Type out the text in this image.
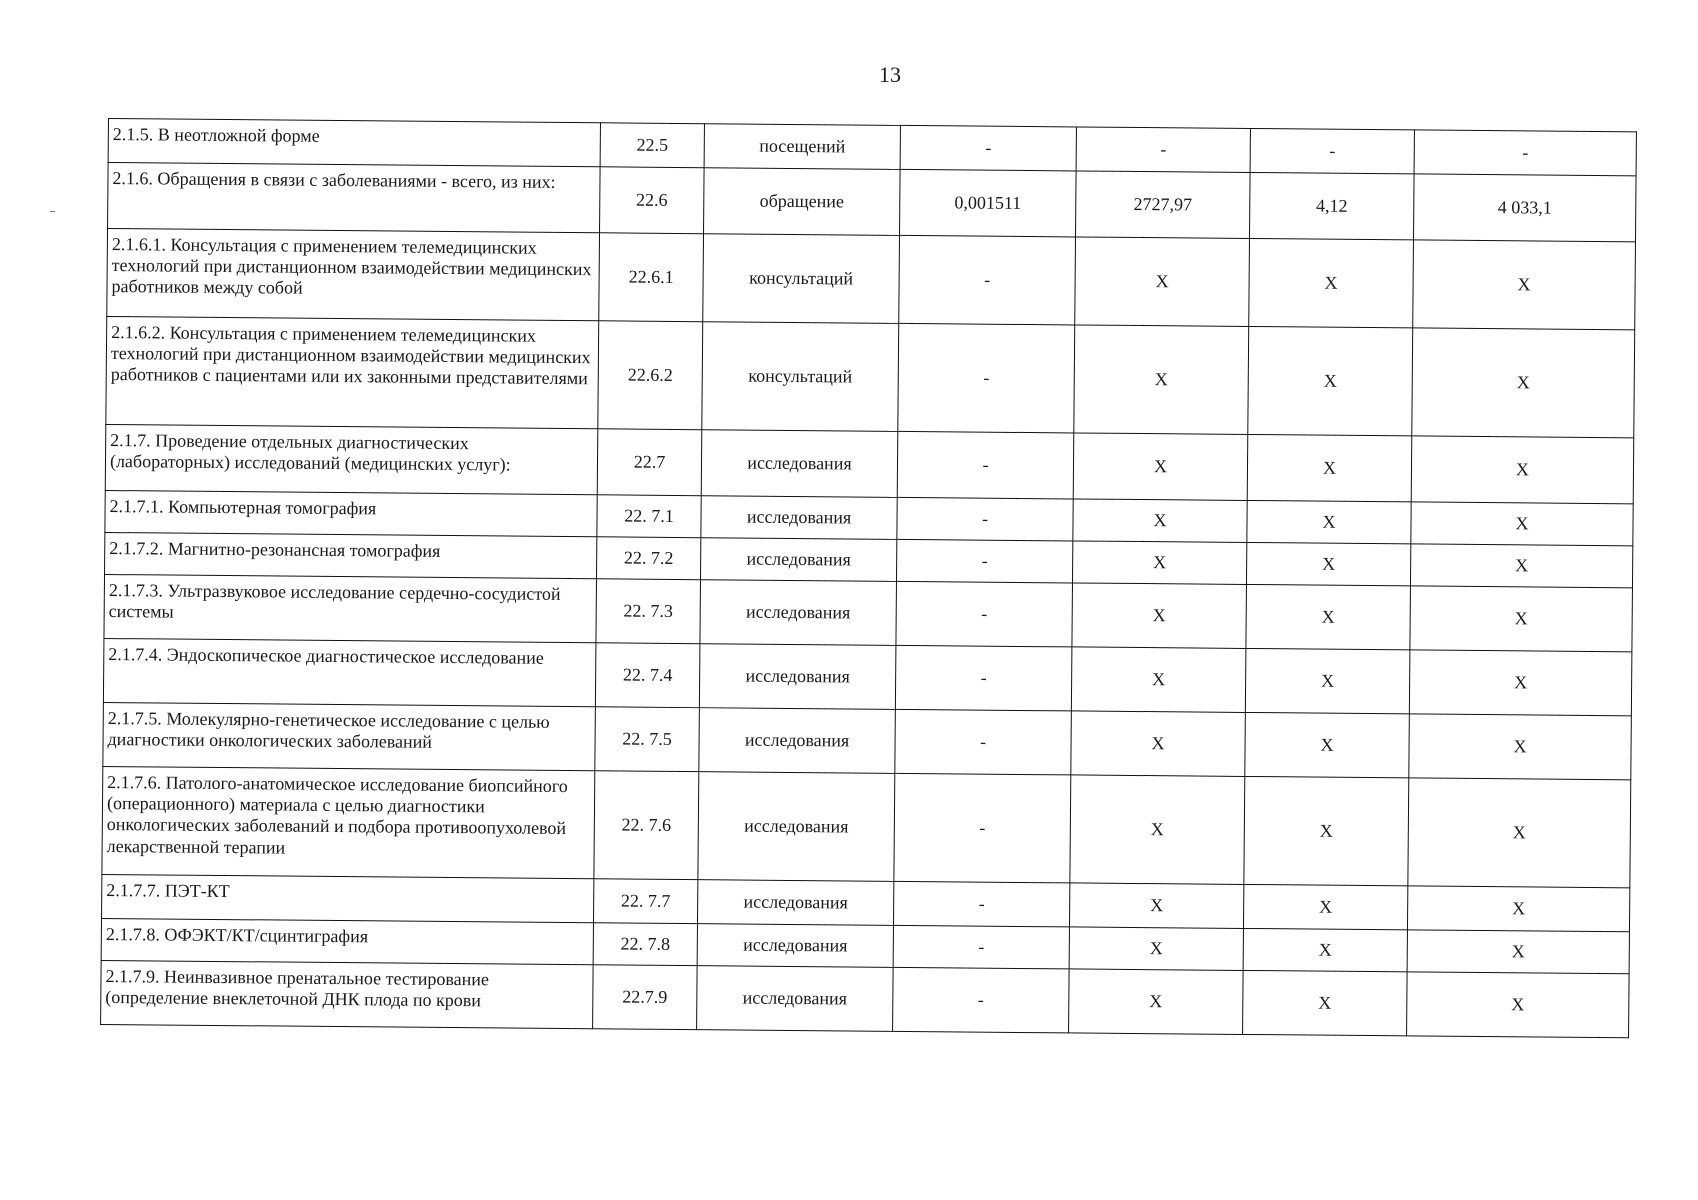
13
2.1.5. В неотложной форме	22.5	посещений	-	-	-	-
2.1.6. Обращения в связи с заболеваниями - всего, из них:	22.6	обращение	0,001511	2727,97	4,12	4 033,1
2.1.6.1. Консультация с применением телемедицинских технологий при дистанционном взаимодействии медицинских работников между собой	22.6.1	консультаций	-	X	X	X
2.1.6.2. Консультация с применением телемедицинских технологий при дистанционном взаимодействии медицинских работников с пациентами или их законными представителями	22.6.2	консультаций	-	X	X	X
2.1.7. Проведение отдельных диагностических (лабораторных) исследований (медицинских услуг):	22.7	исследования	-	X	X	X
2.1.7.1. Компьютерная томография	22. 7.1	исследования	-	X	X	X
2.1.7.2. Магнитно-резонансная томография	22. 7.2	исследования	-	X	X	X
2.1.7.3. Ультразвуковое исследование сердечно-сосудистой системы	22. 7.3	исследования	-	X	X	X
2.1.7.4. Эндоскопическое диагностическое исследование	22. 7.4	исследования	-	X	X	X
2.1.7.5. Молекулярно-генетическое исследование с целью диагностики онкологических заболеваний	22. 7.5	исследования	-	X	X	X
2.1.7.6. Патолого-анатомическое исследование биопсийного (операционного) материала с целью диагностики онкологических заболеваний и подбора противоопухолевой лекарственной терапии	22. 7.6	исследования	-	X	X	X
2.1.7.7. ПЭТ-КТ	22. 7.7	исследования	-	X	X	X
2.1.7.8. ОФЭКТ/КТ/сцинтиграфия	22. 7.8	исследования	-	X	X	X
2.1.7.9. Неинвазивное пренатальное тестирование (определение внеклеточной ДНК плода по крови	22.7.9	исследования	-	X	X	X
